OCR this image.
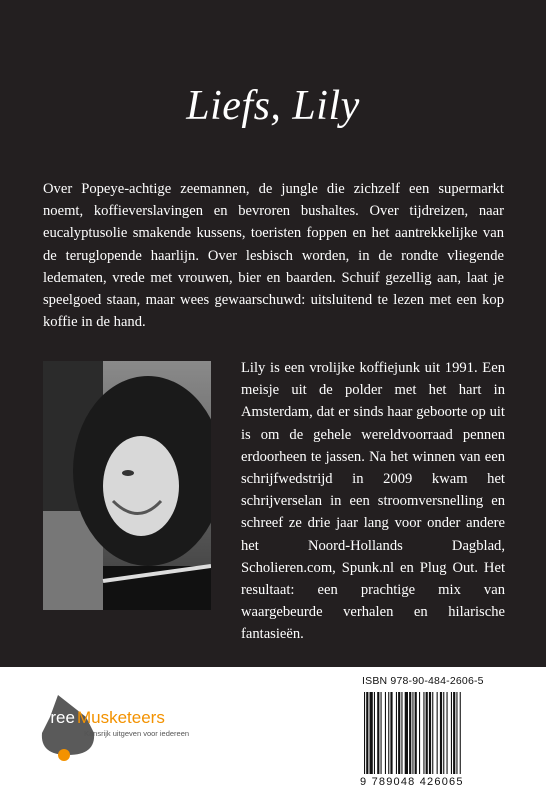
Liefs, Lily

Over Popeye-achtige zeemannen, de jungle die zichzelf een supermarkt noemt, koffieverslavingen en bevroren bushaltes. Over tijdreizen, naar eucalyptusolie smakende kussens, toeristen foppen en het aantrekkelijke van de teruglopende haarlijn. Over lesbisch worden, in de rondte vliegende ledematen, vrede met vrouwen, bier en baarden. Schuif gezellig aan, laat je speelgoed staan, maar wees gewaarschuwd: uitsluitend te lezen met een kop koffie in de hand.

Lily is een vrolijke koffiejunk uit 1991. Een meisje uit de polder met het hart in Amsterdam, dat er sinds haar geboorte op uit is om de gehele wereldvoorraad pennen erdoorheen te jassen. Na het winnen van een schrijfwedstrijd in 2009 kwam het schrijverselan in een stroomversnelling en schreef ze drie jaar lang voor onder andere het Noord-Hollands Dagblad, Scholieren.com, Spunk.nl en Plug Out. Het resultaat: een prachtige mix van waargebeurde verhalen en hilarische fantasieën.

Free Musketeers
Kansrijk uitgeven voor iedereen
ISBN 978-90-484-2606-5
9 789048 426065
